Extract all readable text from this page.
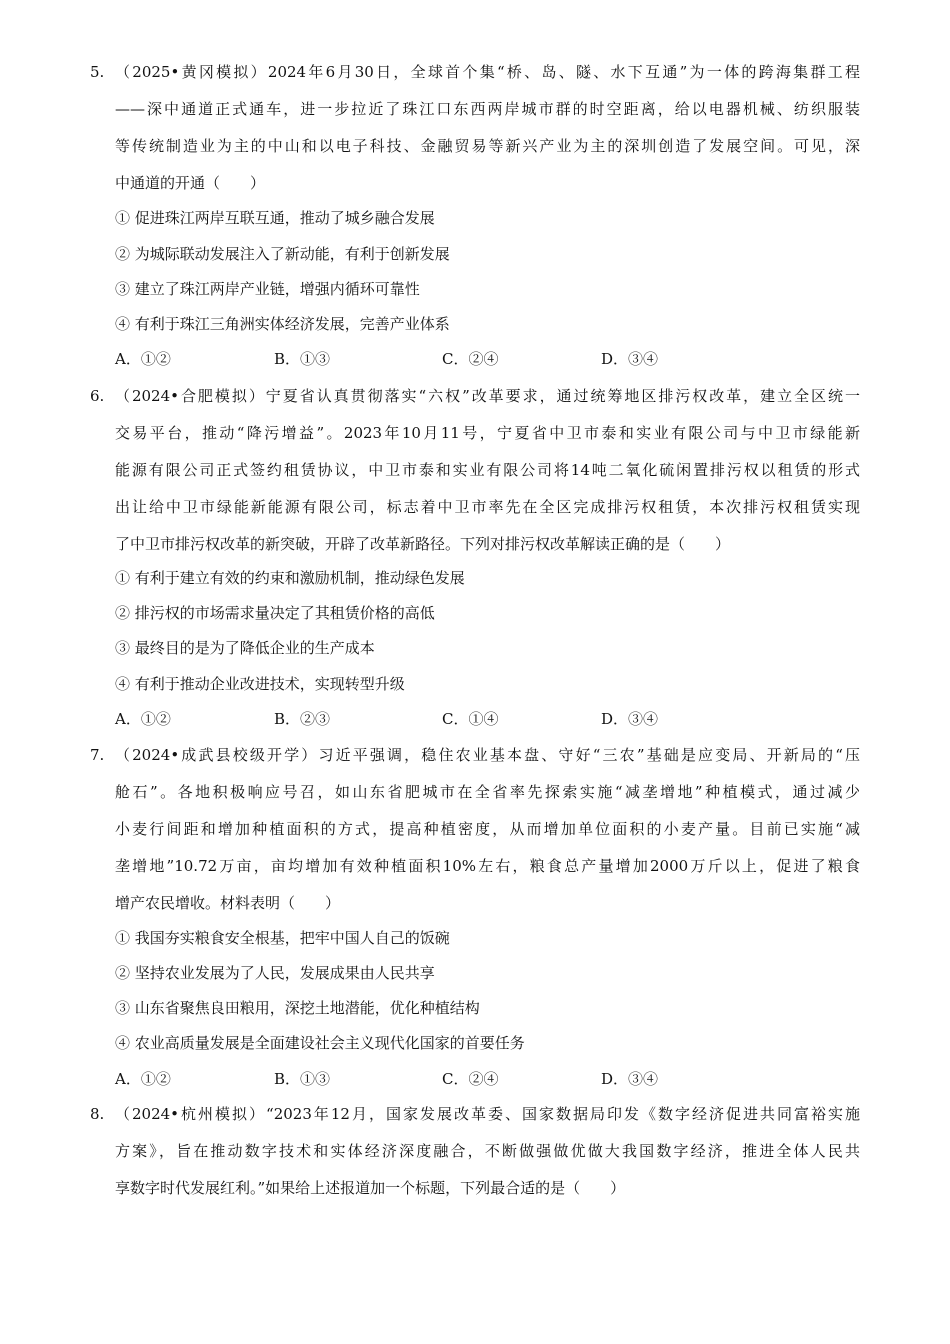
5. （2025•黄冈模拟）2024年6月30日，全球首个集“桥、岛、隧、水下互通”为一体的跨海集群工程
——深中通道正式通车，进一步拉近了珠江口东西两岸城市群的时空距离，给以电器机械、纺织服装
等传统制造业为主的中山和以电子科技、金融贸易等新兴产业为主的深圳创造了发展空间。可见，深
中通道的开通（　　）
① 促进珠江两岸互联互通，推动了城乡融合发展
② 为城际联动发展注入了新动能，有利于创新发展
③ 建立了珠江两岸产业链，增强内循环可靠性
④ 有利于珠江三角洲实体经济发展，完善产业体系
A．①②	B．①③	C．②④	D．③④
6. （2024•合肥模拟）宁夏省认真贯彻落实“六权”改革要求，通过统筹地区排污权改革，建立全区统一
交易平台，推动“降污增益”。2023年10月11号，宁夏省中卫市泰和实业有限公司与中卫市绿能新
能源有限公司正式签约租赁协议，中卫市泰和实业有限公司将14吨二氧化硫闲置排污权以租赁的形式
出让给中卫市绿能新能源有限公司，标志着中卫市率先在全区完成排污权租赁，本次排污权租赁实现
了中卫市排污权改革的新突破，开辟了改革新路径。下列对排污权改革解读正确的是（　　）
① 有利于建立有效的约束和激励机制，推动绿色发展
② 排污权的市场需求量决定了其租赁价格的高低
③ 最终目的是为了降低企业的生产成本
④ 有利于推动企业改进技术，实现转型升级
A．①②	B．②③	C．①④	D．③④
7. （2024•成武县校级开学）习近平强调，稳住农业基本盘、守好“三农”基础是应变局、开新局的“压
舱石”。各地积极响应号召，如山东省肥城市在全省率先探索实施“减垄增地”种植模式，通过减少
小麦行间距和增加种植面积的方式，提高种植密度，从而增加单位面积的小麦产量。目前已实施“减
垄增地”10.72万亩，亩均增加有效种植面积10%左右，粮食总产量增加2000万斤以上，促进了粮食
增产农民增收。材料表明（　　）
① 我国夯实粮食安全根基，把牢中国人自己的饭碗
② 坚持农业发展为了人民，发展成果由人民共享
③ 山东省聚焦良田粮用，深挖土地潜能，优化种植结构
④ 农业高质量发展是全面建设社会主义现代化国家的首要任务
A．①②	B．①③	C．②④	D．③④
8. （2024•杭州模拟）“2023年12月，国家发展改革委、国家数据局印发《数字经济促进共同富裕实施
方案》，旨在推动数字技术和实体经济深度融合，不断做强做优做大我国数字经济，推进全体人民共
享数字时代发展红利。”如果给上述报道加一个标题，下列最合适的是（　　）
